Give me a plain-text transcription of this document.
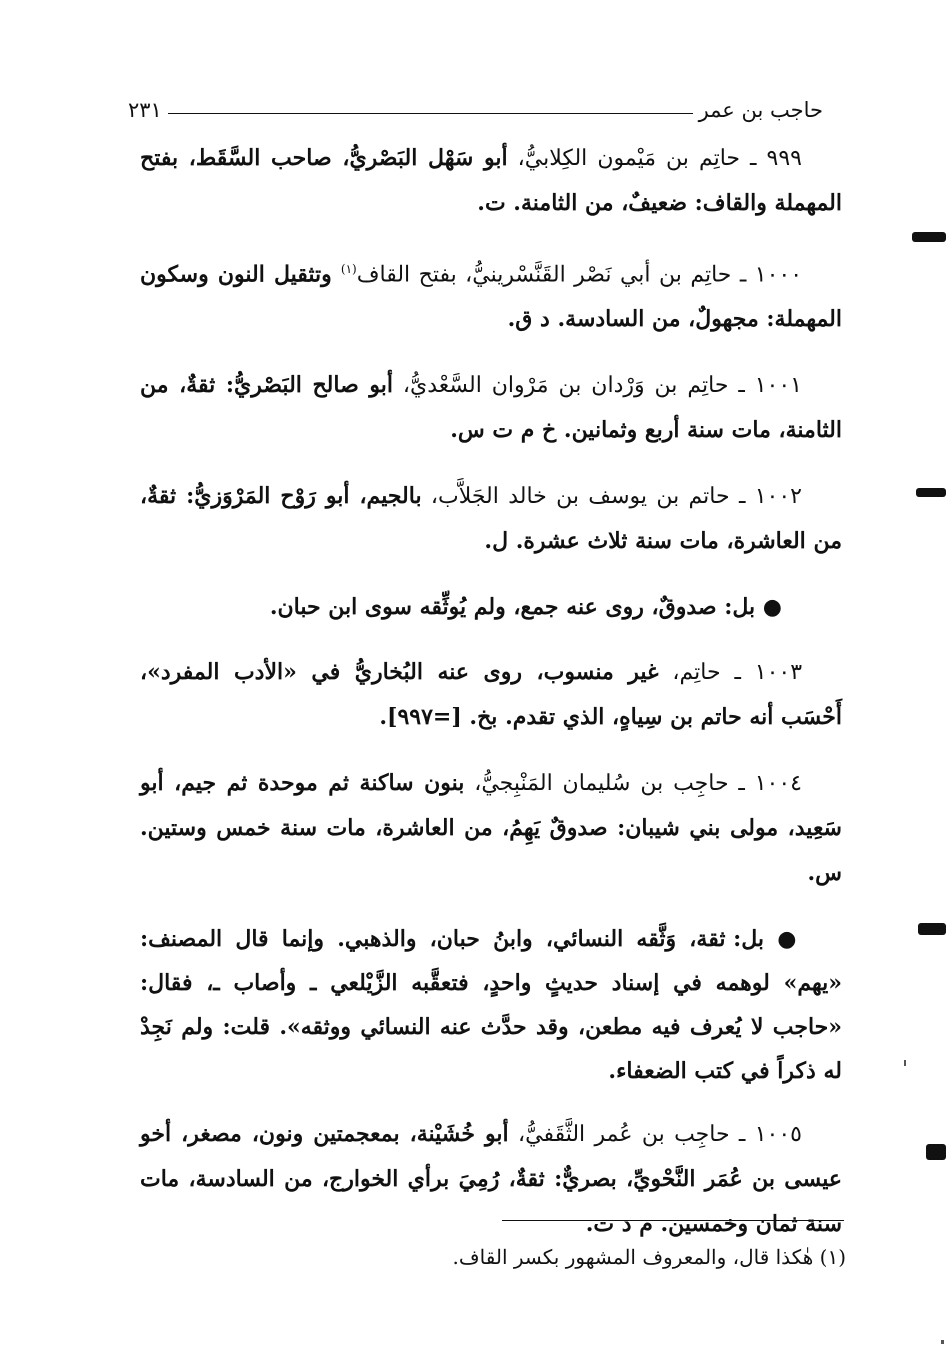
حاجب بن عمر
٢٣١

٩٩٩ ـ حاتِم بن مَيْمون الكِلابيُّ، أبو سَهْل البَصْريُّ، صاحب السَّقَط، بفتح المهملة والقاف: ضعيفٌ، من الثامنة. ت.

١٠٠٠ ـ حاتِم بن أبي نَصْر القَنَّسْرينيُّ، بفتح القاف$^{(١)}$ وتثقيل النون وسكون المهملة: مجهولٌ، من السادسة. د ق.

١٠٠١ ـ حاتِم بن وَرْدان بن مَرْوان السَّعْديُّ، أبو صالح البَصْريُّ: ثقةٌ، من الثامنة، مات سنة أربع وثمانين. خ م ت س.

١٠٠٢ ـ حاتم بن يوسف بن خالد الجَلاَّب، بالجيم، أبو رَوْح المَرْوَزيُّ: ثقةٌ، من العاشرة، مات سنة ثلاث عشرة. ل.

● بل: صدوقٌ، روى عنه جمع، ولم يُوثِّقه سوى ابن حبان.

١٠٠٣ ـ حاتِم، غير منسوب، روى عنه البُخاريُّ في «الأدب المفرد»، أَحْسَب أنه حاتم بن سِياهٍ، الذي تقدم. بخ. [=٩٩٧].

١٠٠٤ ـ حاجِب بن سُليمان المَنْبِجيُّ، بنون ساكنة ثم موحدة ثم جيم، أبو سَعِيد، مولى بني شيبان: صدوقٌ يَهِمُ، من العاشرة، مات سنة خمس وستين. س.

● بل: ثقة، وَثَّقه النسائي، وابنُ حبان، والذهبي. وإنما قال المصنف: «يهم» لوهمه في إسناد حديثٍ واحدٍ، فتعقَّبه الزَّيْلعي ـ وأصاب ـ، فقال: «حاجب لا يُعرف فيه مطعن، وقد حدَّث عنه النسائي ووثقه». قلت: ولم نَجِدْ له ذكراً في كتب الضعفاء.

١٠٠٥ ـ حاجِب بن عُمر الثَّقَفيُّ، أبو خُشَيْنة، بمعجمتين ونون، مصغر، أخو عيسى بن عُمَر النَّحْويِّ، بصريٌّ: ثقةٌ، رُمِيَ برأي الخوارج، من السادسة، مات سنة ثمان وخمسين. م د ت.

(١) هٰكذا قال، والمعروف المشهور بكسر القاف.
